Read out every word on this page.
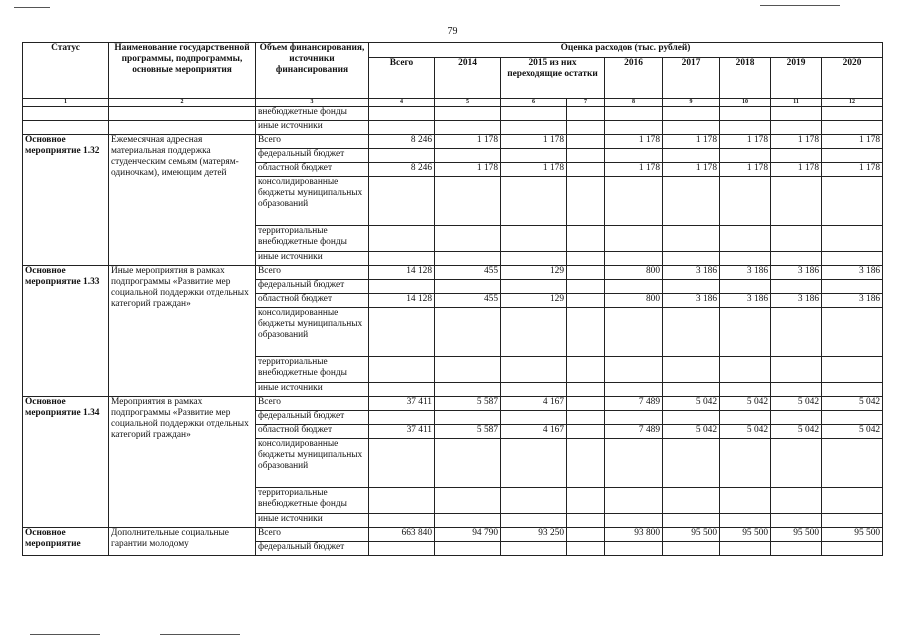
79
Статус	Наименование государственной программы, подпрограммы, основные мероприятия	Объем финансирования, источники финансирования	Оценка расходов (тыс. рублей)								
			Всего	2014	2015 из них переходящие остатки		2016	2017	2018	2019	2020
1	2	3	4	5	6	7	8	9	10	11	12
		внебюджетные фонды									
		иные источники									
Основное мероприятие 1.32	Ежемесячная адресная материальная поддержка студенческим семьям (матерям-одиночкам), имеющим детей	Всего	8 246	1 178	1 178		1 178	1 178	1 178	1 178	1 178
		федеральный бюджет									
		областной бюджет	8 246	1 178	1 178		1 178	1 178	1 178	1 178	1 178
		консолидированные бюджеты муниципальных образований									
		территориальные внебюджетные фонды									
		иные источники									
Основное мероприятие 1.33	Иные мероприятия в рамках подпрограммы «Развитие мер социальной поддержки отдельных категорий граждан»	Всего	14 128	455	129		800	3 186	3 186	3 186	3 186
		федеральный бюджет									
		областной бюджет	14 128	455	129		800	3 186	3 186	3 186	3 186
		консолидированные бюджеты муниципальных образований									
		территориальные внебюджетные фонды									
		иные источники									
Основное мероприятие 1.34	Мероприятия в рамках подпрограммы «Развитие мер социальной поддержки отдельных категорий граждан»	Всего	37 411	5 587	4 167		7 489	5 042	5 042	5 042	5 042
		федеральный бюджет									
		областной бюджет	37 411	5 587	4 167		7 489	5 042	5 042	5 042	5 042
		консолидированные бюджеты муниципальных образований									
		территориальные внебюджетные фонды									
		иные источники									
Основное мероприятие	Дополнительные социальные гарантии молодому	Всего	663 840	94 790	93 250		93 800	95 500	95 500	95 500	95 500
		федеральный бюджет									
